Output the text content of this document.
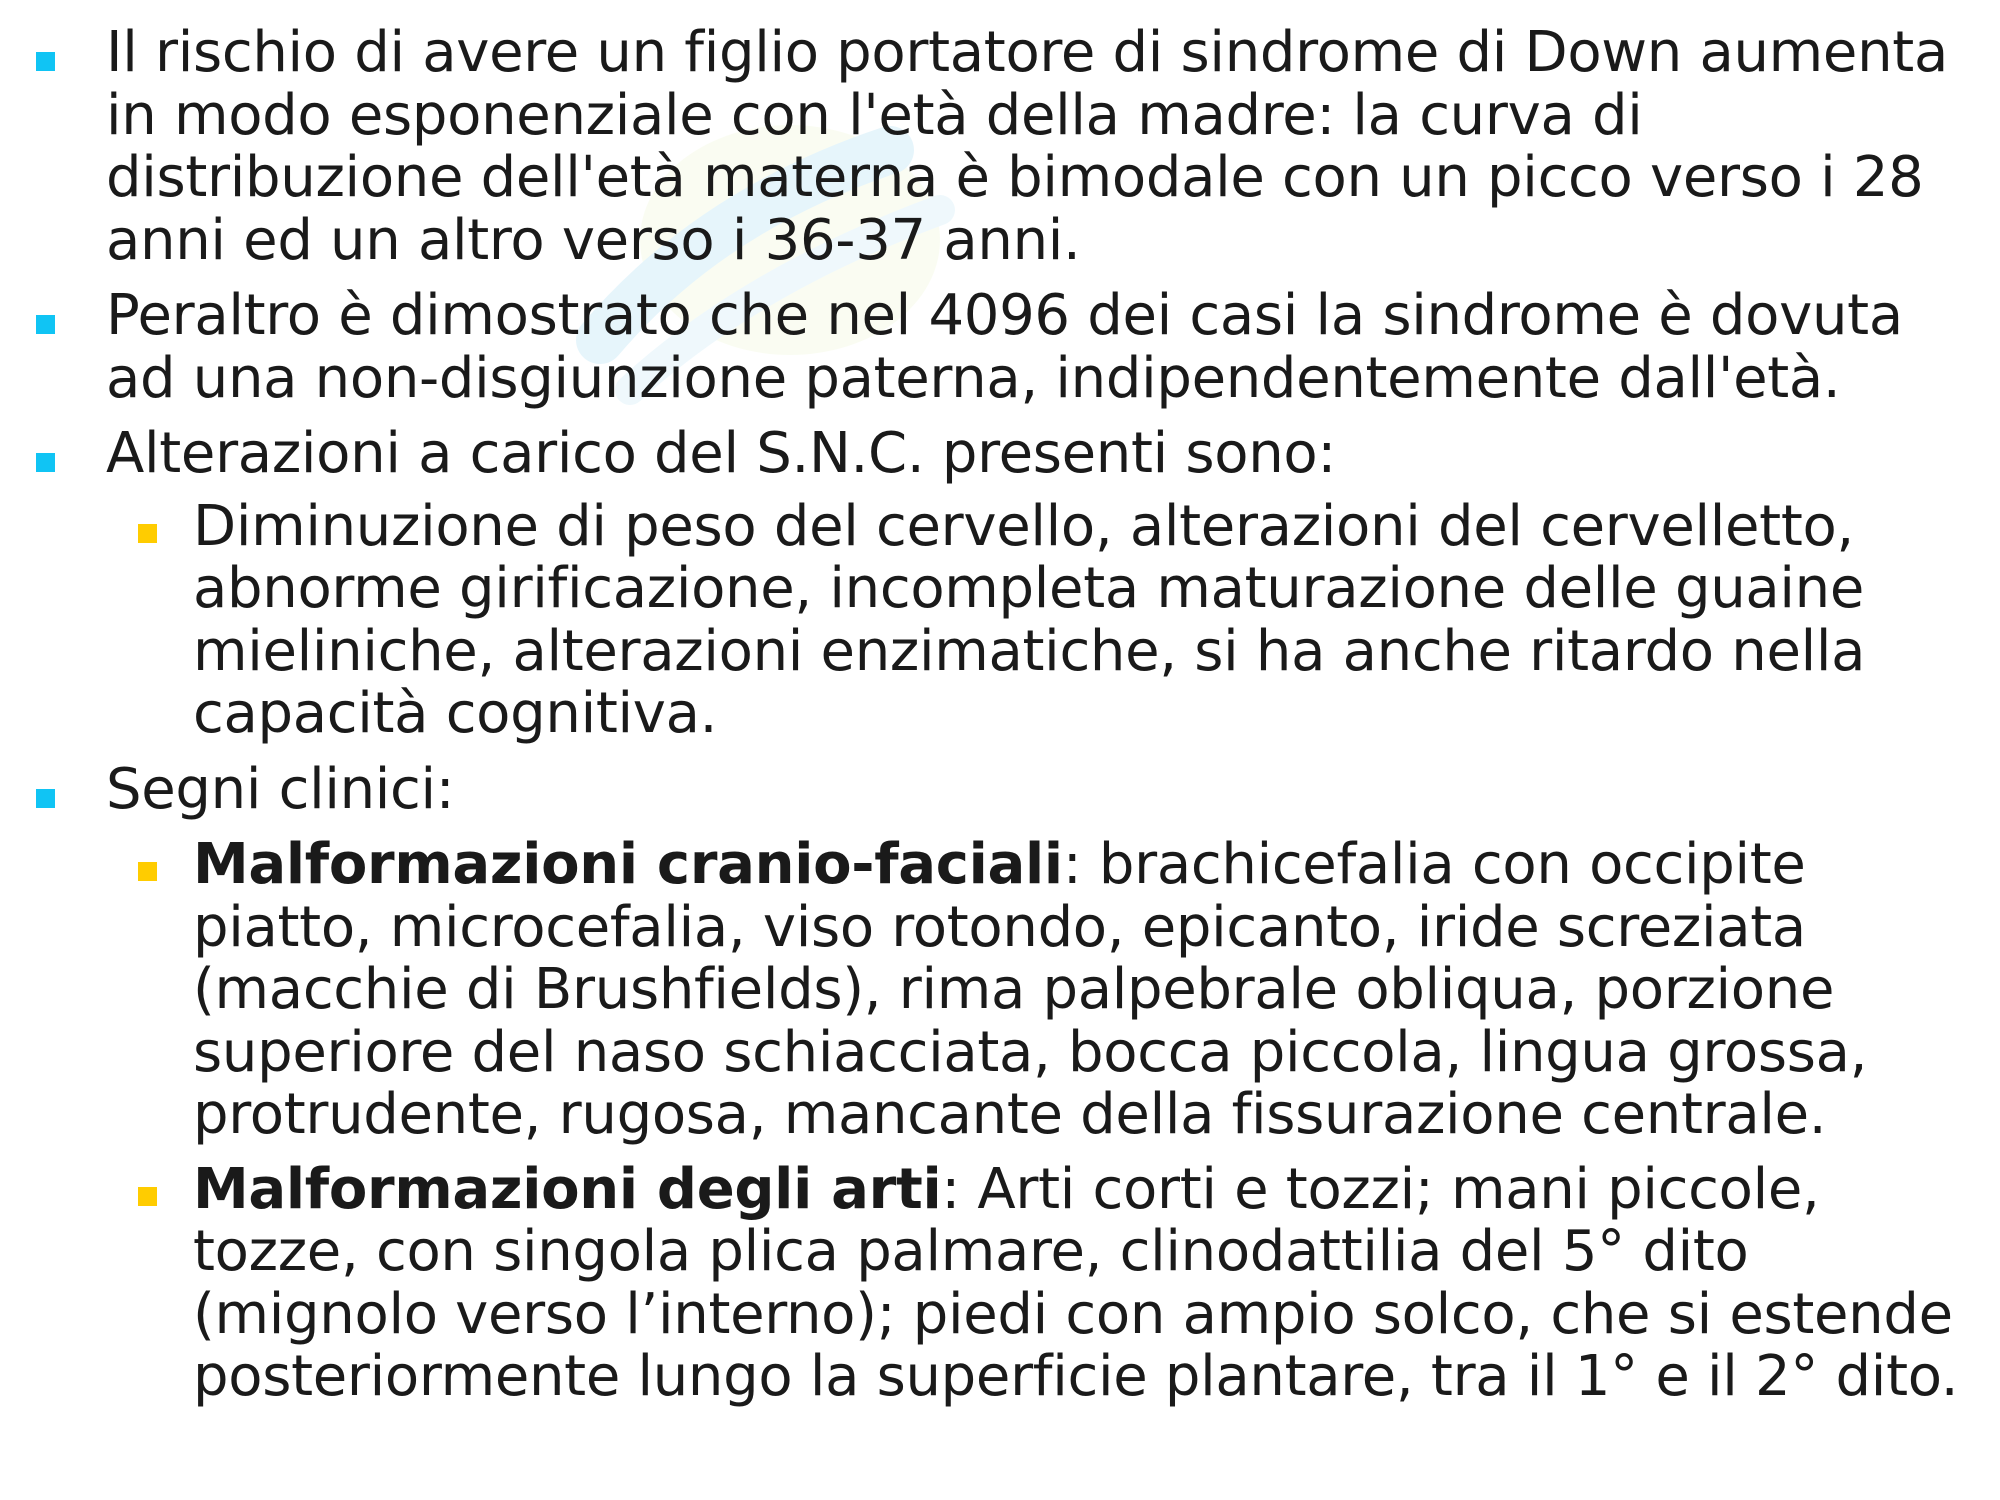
Il rischio di avere un figlio portatore di sindrome di Down aumenta in modo esponenziale con l'età della madre: la curva di distribuzione dell'età materna è bimodale con un picco verso i 28 anni ed un altro verso i 36-37 anni.
Peraltro è dimostrato che nel 4096 dei casi la sindrome è dovuta ad una non-disgiunzione paterna, indipendentemente dall'età.
Alterazioni a carico del S.N.C. presenti sono:
Diminuzione di peso del cervello, alterazioni del cervelletto, abnorme girificazione, incompleta maturazione delle guaine mieliniche, alterazioni enzimatiche, si ha anche ritardo nella capacità cognitiva.
Segni clinici:
Malformazioni cranio-faciali: brachicefalia con occipite piatto, microcefalia, viso rotondo, epicanto, iride screziata (macchie di Brushfields), rima palpebrale obliqua, porzione superiore del naso schiacciata, bocca piccola, lingua grossa, protrudente, rugosa, mancante della fissurazione centrale.
Malformazioni degli arti: Arti corti e tozzi; mani piccole, tozze, con singola plica palmare, clinodattilia del 5° dito (mignolo verso l’interno); piedi con ampio solco, che si estende posteriormente lungo la superficie plantare, tra il 1° e il 2° dito.
